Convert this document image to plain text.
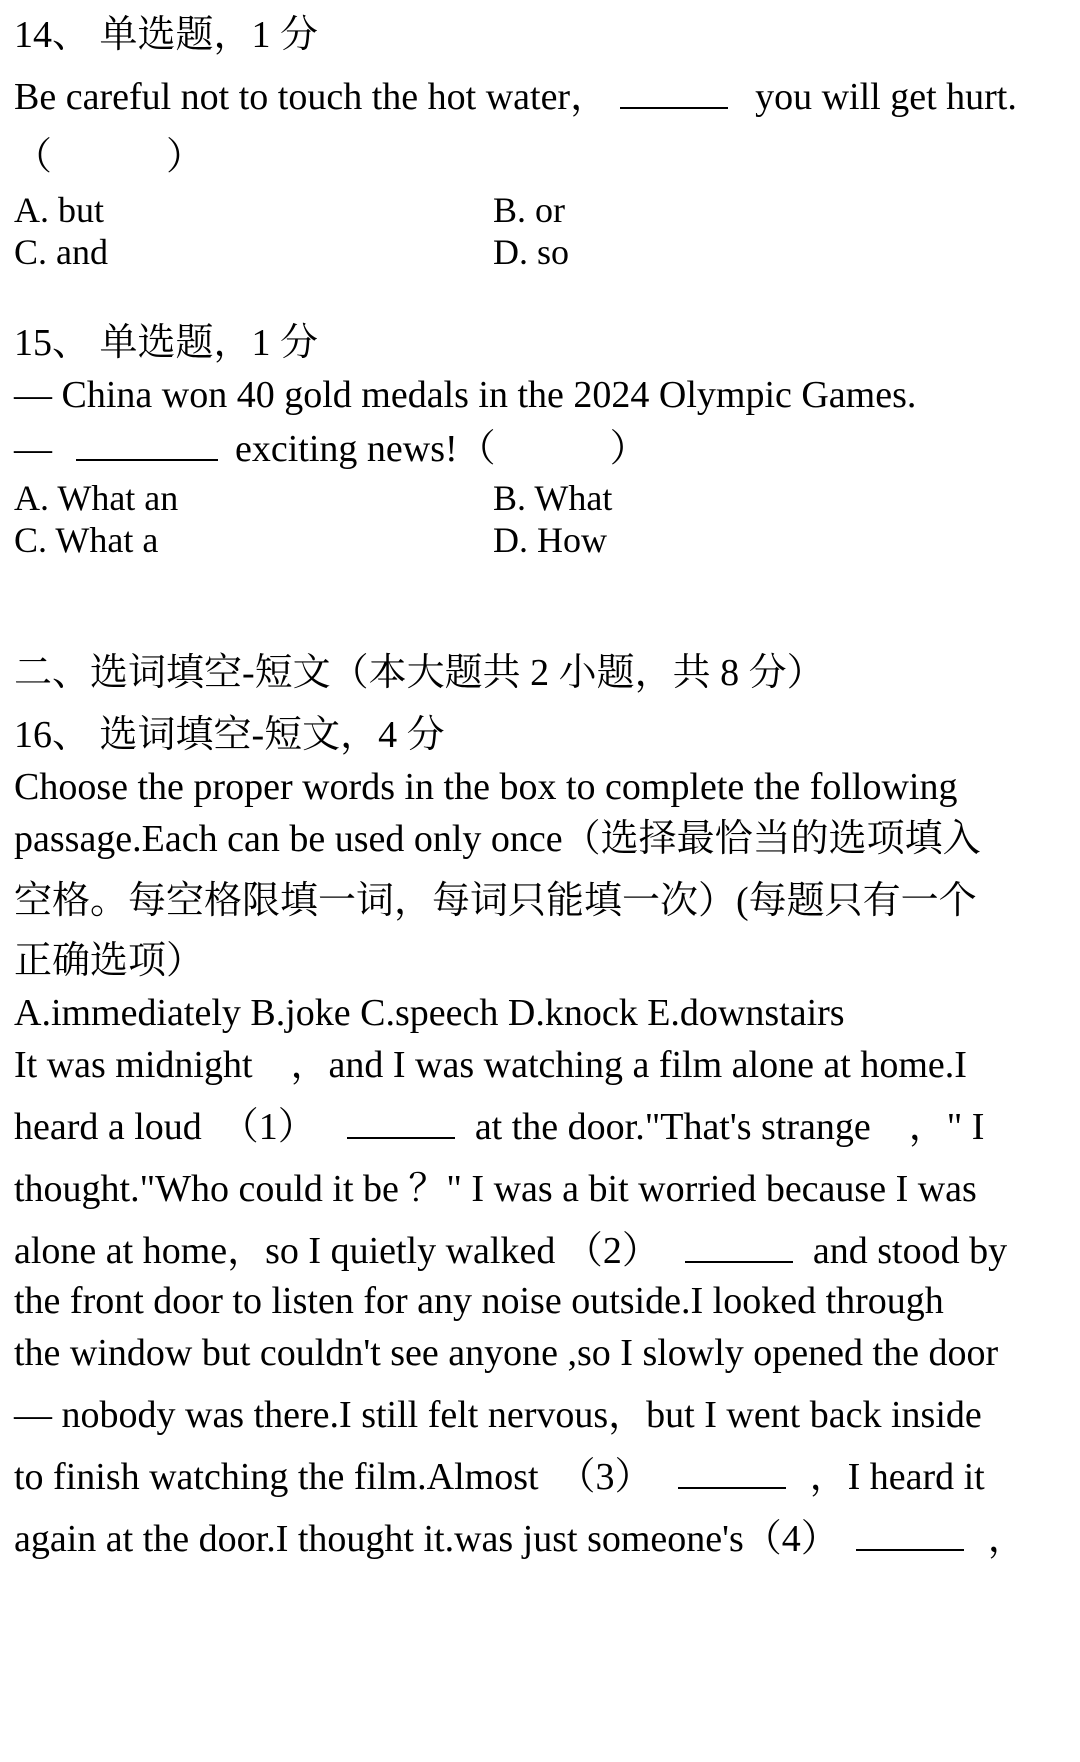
14、 单选题，1 分
Be careful not to touch the hot water，	you will get hurt.
（　　　）
A. but	B. or
C. and	D. so
15、 单选题，1 分
— China won 40 gold medals in the 2024 Olympic Games.
—	exciting news!（　　　）
A. What an	B. What
C. What a	D. How
二、选词填空-短文（本大题共 2 小题，共 8 分）
16、 选词填空-短文，4 分
Choose the proper words in the box to complete the following
passage.Each can be used only once（选择最恰当的选项填入
空格。每空格限填一词，每词只能填一次）(每题只有一个
正确选项）
A.immediately B.joke C.speech D.knock E.downstairs
It was midnight　，and I was watching a film alone at home.I
heard a loud　（1）	at the door."That's strange　，" I
thought."Who could it be ？" I was a bit worried because I was
alone at home，so I quietly walked （2）	and stood by
the front door to listen for any noise outside.I looked through
the window but couldn't see anyone ,so I slowly opened the door
— nobody was there.I still felt nervous，but I went back inside
to finish watching the film.Almost　（3）	，I heard it
again at the door.I thought it.was just someone's（4）	，
